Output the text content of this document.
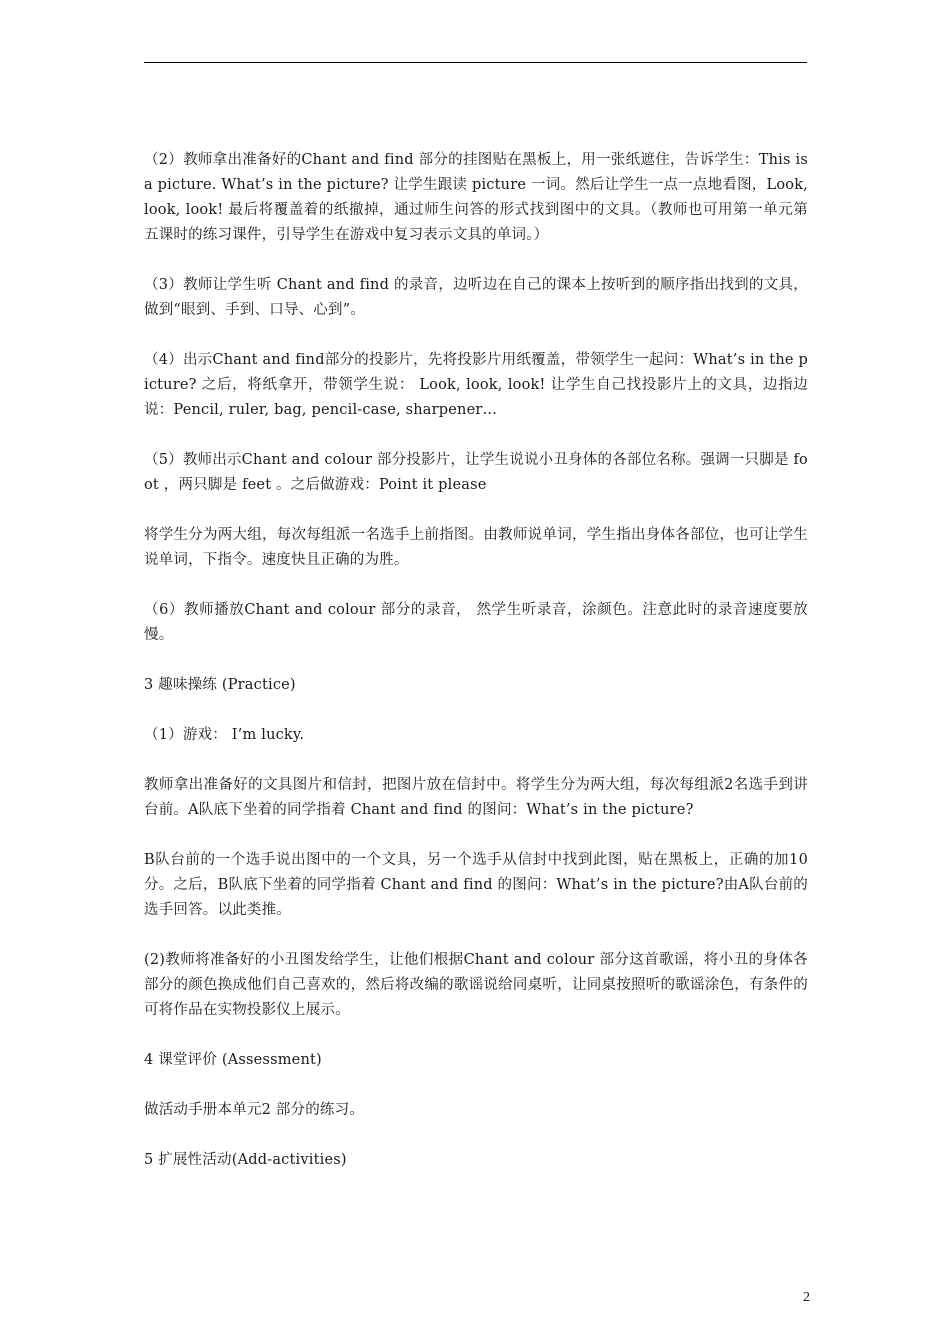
（2）教师拿出准备好的Chant and find 部分的挂图贴在黑板上，用一张纸遮住，告诉学生：This is a picture. What’s in the picture? 让学生跟读 picture 一词。然后让学生一点一点地看图，Look, look, look! 最后将覆盖着的纸撤掉，通过师生问答的形式找到图中的文具。（教师也可用第一单元第五课时的练习课件，引导学生在游戏中复习表示文具的单词。）

（3）教师让学生听 Chant and find 的录音，边听边在自己的课本上按听到的顺序指出找到的文具，做到“眼到、手到、口导、心到”。

（4）出示Chant and find部分的投影片，先将投影片用纸覆盖，带领学生一起问：What’s in the picture? 之后，将纸拿开，带领学生说： Look, look, look! 让学生自己找投影片上的文具，边指边说：Pencil, ruler, bag, pencil-case, sharpener…

（5）教师出示Chant and colour 部分投影片，让学生说说小丑身体的各部位名称。强调一只脚是 foot ，两只脚是 feet 。之后做游戏：Point it please

将学生分为两大组，每次每组派一名选手上前指图。由教师说单词，学生指出身体各部位，也可让学生说单词，下指令。速度快且正确的为胜。

（6）教师播放Chant and colour 部分的录音， 然学生听录音，涂颜色。注意此时的录音速度要放慢。

3 趣味操练 (Practice)

（1）游戏： I’m lucky.

教师拿出准备好的文具图片和信封，把图片放在信封中。将学生分为两大组，每次每组派2名选手到讲台前。A队底下坐着的同学指着 Chant and find 的图问：What’s in the picture?

B队台前的一个选手说出图中的一个文具，另一个选手从信封中找到此图，贴在黑板上，正确的加10分。之后，B队底下坐着的同学指着 Chant and find 的图问：What’s in the picture?由A队台前的选手回答。以此类推。

(2)教师将准备好的小丑图发给学生，让他们根据Chant and colour 部分这首歌谣，将小丑的身体各部分的颜色换成他们自己喜欢的，然后将改编的歌谣说给同桌听，让同桌按照听的歌谣涂色，有条件的可将作品在实物投影仪上展示。

4 课堂评价 (Assessment)

做活动手册本单元2 部分的练习。

5 扩展性活动(Add-activities)

2
